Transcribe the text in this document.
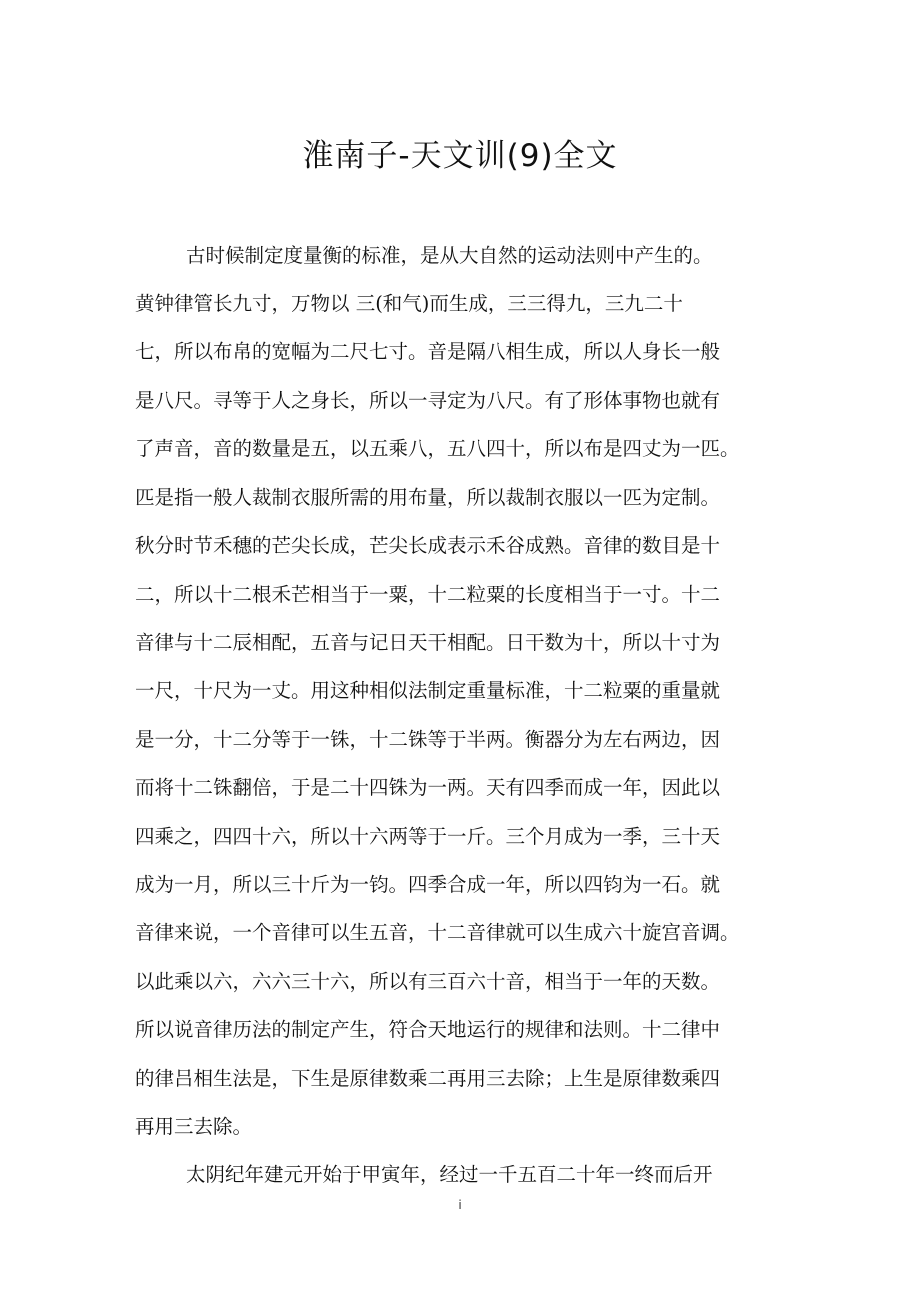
淮南子-天文训(9)全文
古时候制定度量衡的标准，是从大自然的运动法则中产生的。
黄钟律管长九寸，万物以 三(和气)而生成，三三得九，三九二十
七，所以布帛的宽幅为二尺七寸。音是隔八相生成，所以人身长一般
是八尺。寻等于人之身长，所以一寻定为八尺。有了形体事物也就有
了声音，音的数量是五，以五乘八，五八四十，所以布是四丈为一匹。
匹是指一般人裁制衣服所需的用布量，所以裁制衣服以一匹为定制。
秋分时节禾穗的芒尖长成，芒尖长成表示禾谷成熟。音律的数目是十
二，所以十二根禾芒相当于一粟，十二粒粟的长度相当于一寸。十二
音律与十二辰相配，五音与记日天干相配。日干数为十，所以十寸为
一尺，十尺为一丈。用这种相似法制定重量标准，十二粒粟的重量就
是一分，十二分等于一铢，十二铢等于半两。衡器分为左右两边，因
而将十二铢翻倍，于是二十四铢为一两。天有四季而成一年，因此以
四乘之，四四十六，所以十六两等于一斤。三个月成为一季，三十天
成为一月，所以三十斤为一钧。四季合成一年，所以四钧为一石。就
音律来说，一个音律可以生五音，十二音律就可以生成六十旋宫音调。
以此乘以六，六六三十六，所以有三百六十音，相当于一年的天数。
所以说音律历法的制定产生，符合天地运行的规律和法则。十二律中
的律吕相生法是，下生是原律数乘二再用三去除；上生是原律数乘四
再用三去除。
太阴纪年建元开始于甲寅年，经过一千五百二十年一终而后开
i
